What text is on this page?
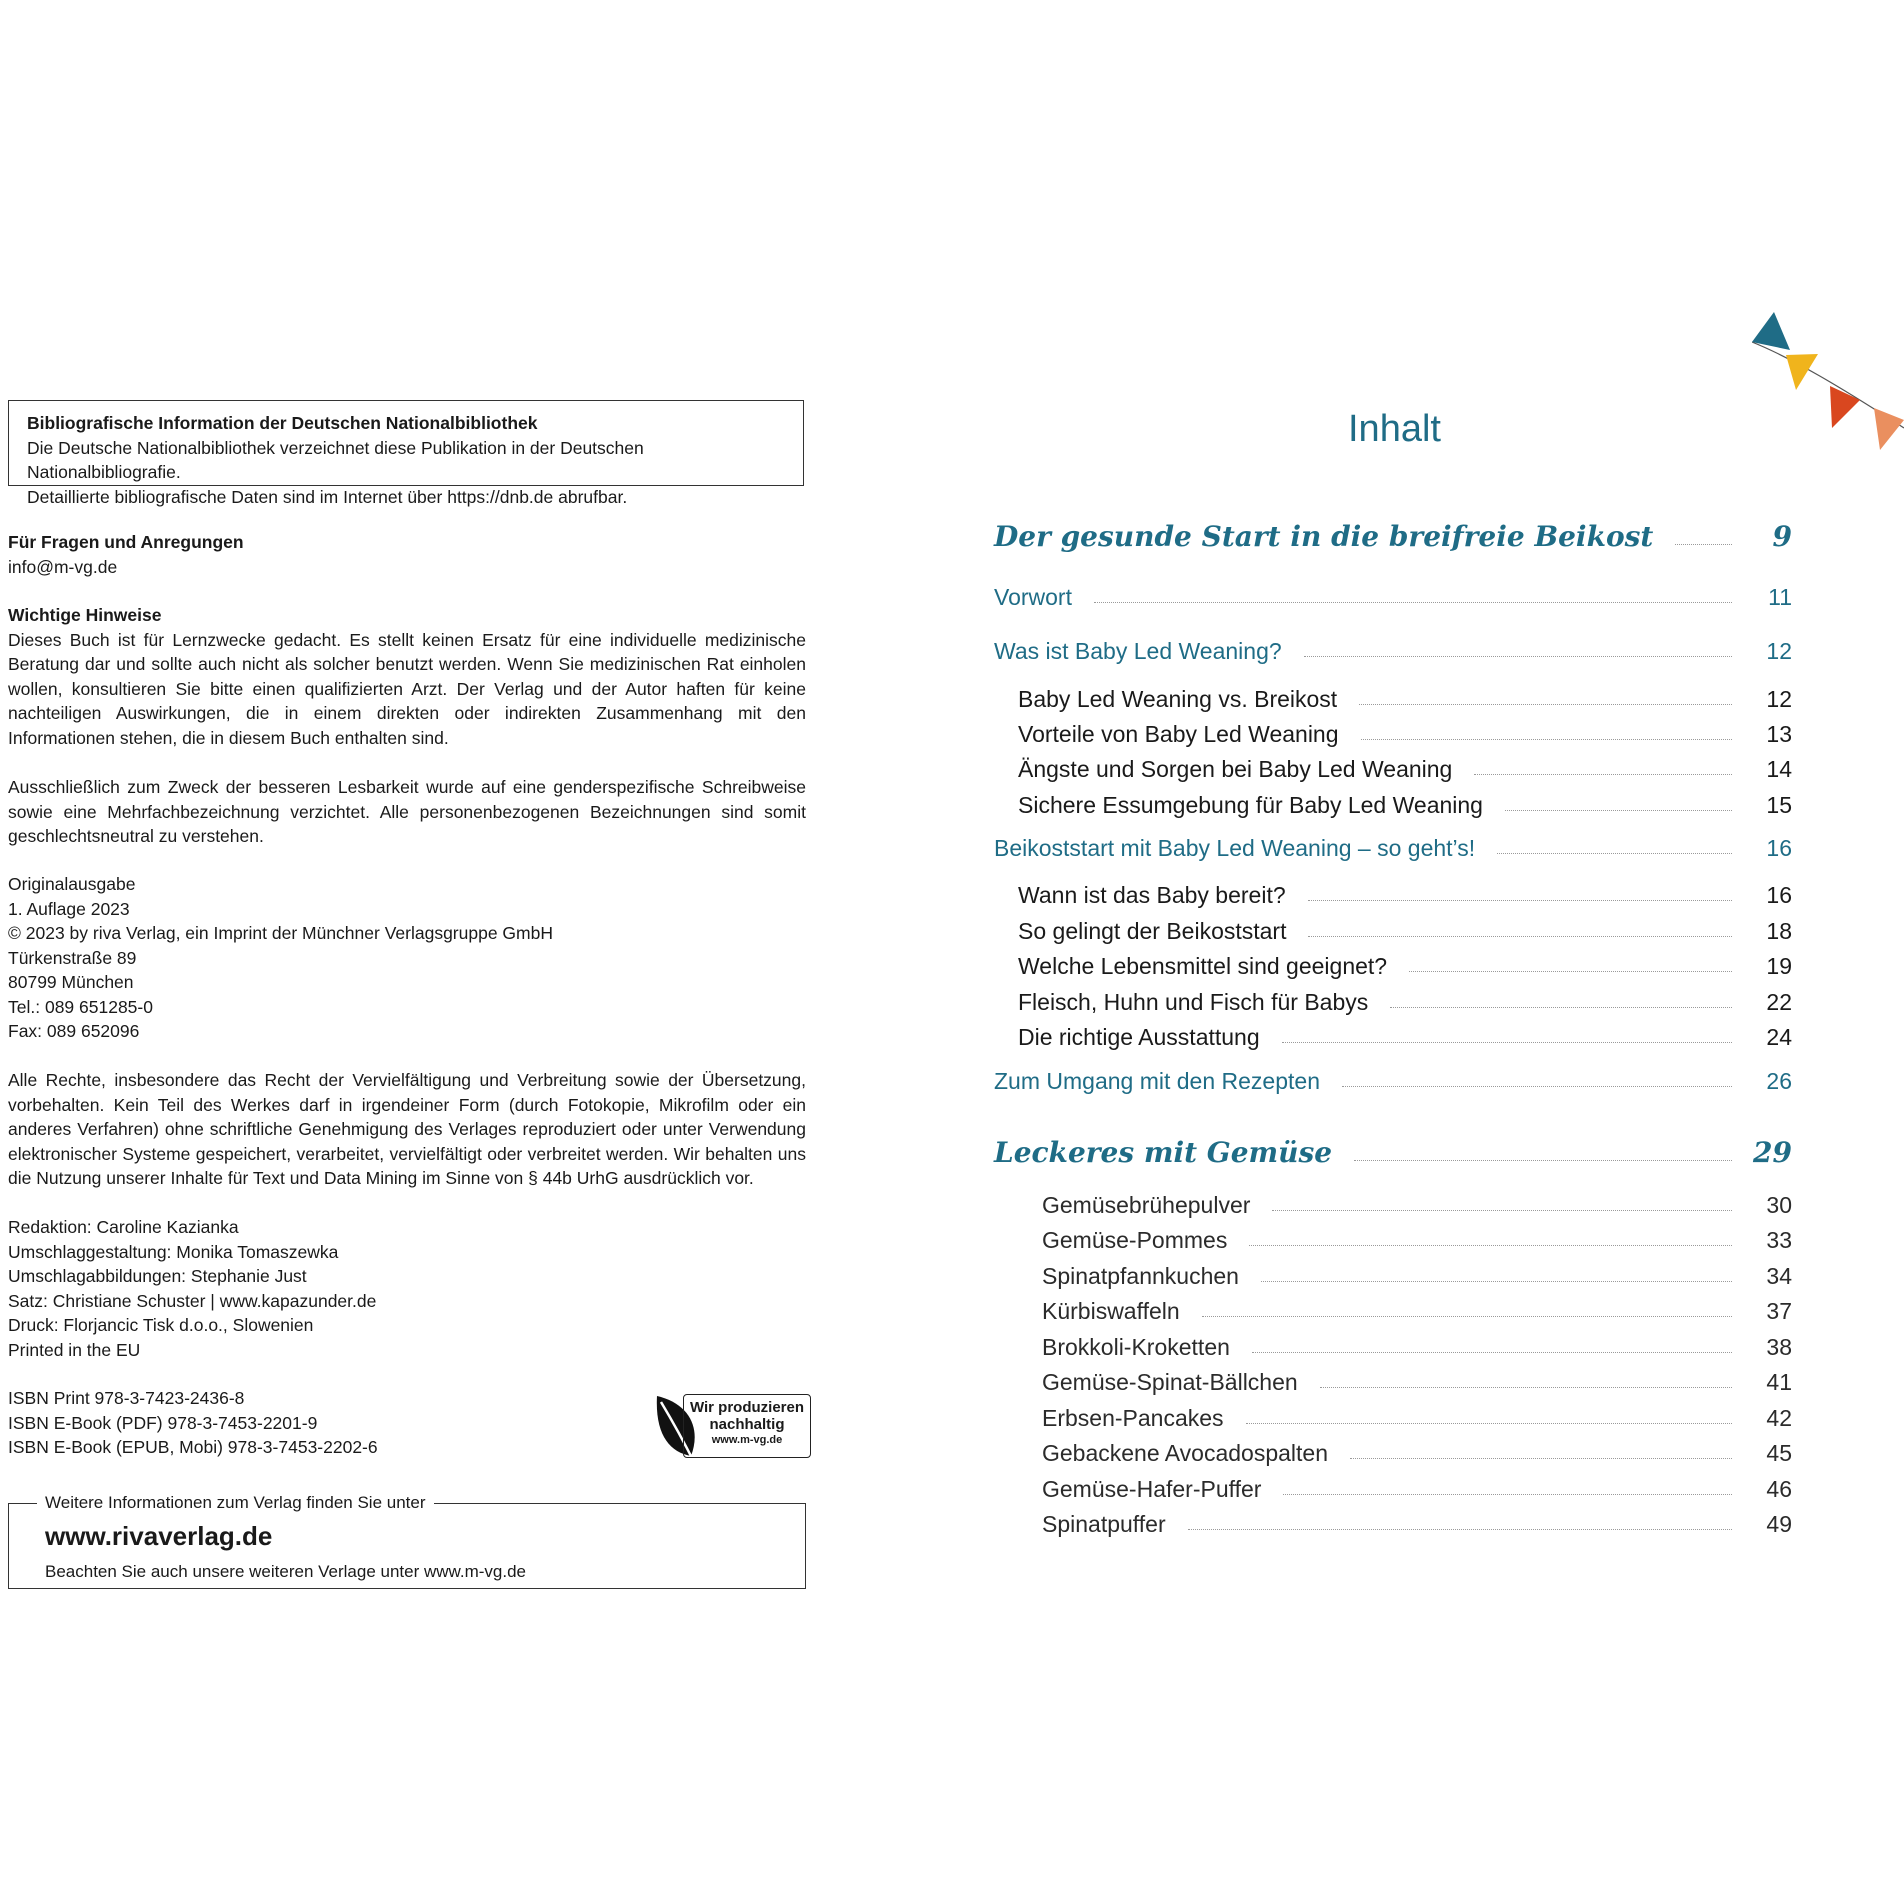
Bibliografische Information der Deutschen Nationalbibliothek
Die Deutsche Nationalbibliothek verzeichnet diese Publikation in der Deutschen Nationalbibliografie.
Detaillierte bibliografische Daten sind im Internet über https://dnb.de abrufbar.

Für Fragen und Anregungen

info@m-vg.de

Wichtige Hinweise

Dieses Buch ist für Lernzwecke gedacht. Es stellt keinen Ersatz für eine individuelle medizinische Beratung dar und sollte auch nicht als solcher benutzt werden. Wenn Sie medizinischen Rat einholen wollen, konsultieren Sie bitte einen qualifizierten Arzt. Der Verlag und der Autor haften für keine nachteiligen Auswirkungen, die in einem direkten oder indirekten Zusammenhang mit den Informationen stehen, die in diesem Buch enthalten sind.

Ausschließlich zum Zweck der besseren Lesbarkeit wurde auf eine genderspezifische Schreibweise sowie eine Mehrfachbezeichnung verzichtet. Alle personenbezogenen Bezeichnungen sind somit geschlechtsneutral zu verstehen.

Originalausgabe

1. Auflage 2023

© 2023 by riva Verlag, ein Imprint der Münchner Verlagsgruppe GmbH

Türkenstraße 89

80799 München

Tel.: 089 651285-0

Fax: 089 652096

Alle Rechte, insbesondere das Recht der Vervielfältigung und Verbreitung sowie der Übersetzung, vorbehalten. Kein Teil des Werkes darf in irgendeiner Form (durch Fotokopie, Mikrofilm oder ein anderes Verfahren) ohne schriftliche Genehmigung des Verlages reproduziert oder unter Verwendung elektronischer Systeme gespeichert, verarbeitet, vervielfältigt oder verbreitet werden. Wir behalten uns die Nutzung unserer Inhalte für Text und Data Mining im Sinne von § 44b UrhG ausdrücklich vor.

Redaktion: Caroline Kazianka

Umschlaggestaltung: Monika Tomaszewka

Umschlagabbildungen: Stephanie Just

Satz: Christiane Schuster | www.kapazunder.de

Druck: Florjancic Tisk d.o.o., Slowenien

Printed in the EU

ISBN Print 978-3-7423-2436-8

ISBN E-Book (PDF) 978-3-7453-2201-9

ISBN E-Book (EPUB, Mobi) 978-3-7453-2202-6

Wir produzieren
nachhaltig
www.m-vg.de
Weitere Informationen zum Verlag finden Sie unter
www.rivaverlag.de
Beachten Sie auch unsere weiteren Verlage unter www.m-vg.de
Inhalt
Der gesunde Start in die breifreie Beikost	9
Vorwort	11
Was ist Baby Led Weaning?	12
Baby Led Weaning vs. Breikost	12
Vorteile von Baby Led Weaning	13
Ängste und Sorgen bei Baby Led Weaning	14
Sichere Essumgebung für Baby Led Weaning	15
Beikoststart mit Baby Led Weaning – so geht’s!	16
Wann ist das Baby bereit?	16
So gelingt der Beikoststart	18
Welche Lebensmittel sind geeignet?	19
Fleisch, Huhn und Fisch für Babys	22
Die richtige Ausstattung	24
Zum Umgang mit den Rezepten	26
Leckeres mit Gemüse	29
Gemüsebrühepulver	30
Gemüse-Pommes	33
Spinatpfannkuchen	34
Kürbiswaffeln	37
Brokkoli-Kroketten	38
Gemüse-Spinat-Bällchen	41
Erbsen-Pancakes	42
Gebackene Avocadospalten	45
Gemüse-Hafer-Puffer	46
Spinatpuffer	49
